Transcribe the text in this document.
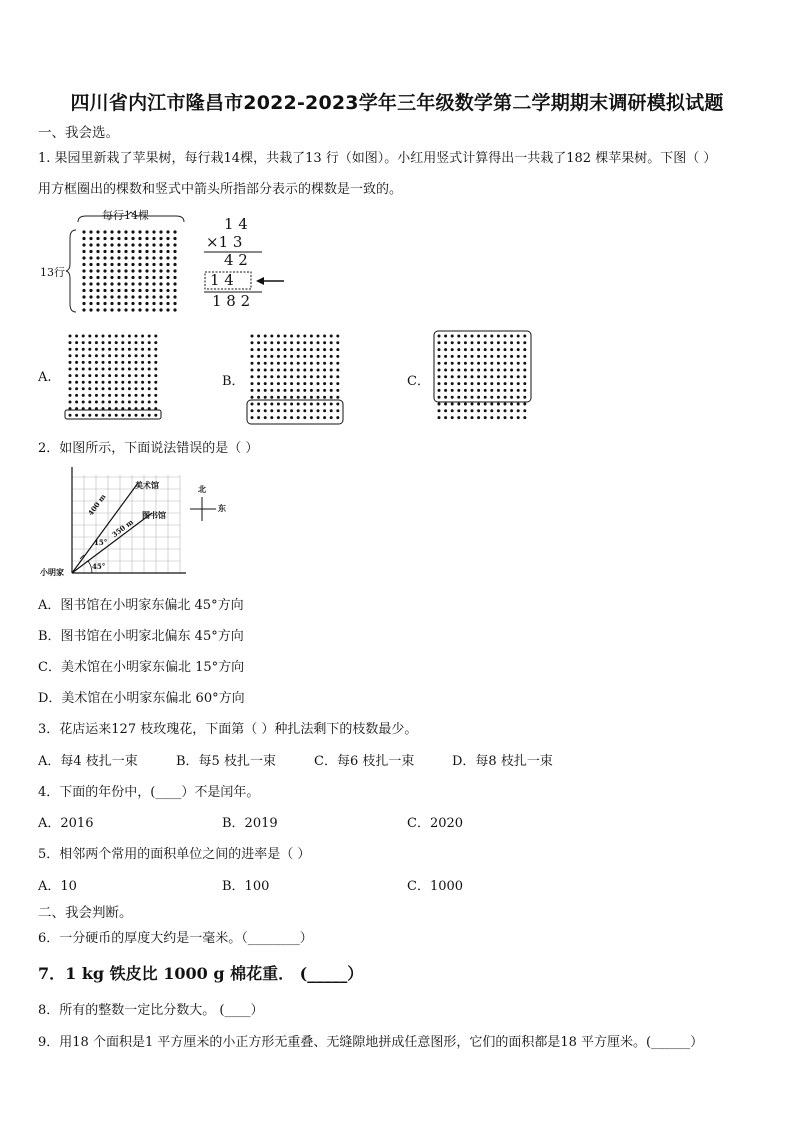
四川省内江市隆昌市2022-2023学年三年级数学第二学期期末调研模拟试题
一、我会选。
1. 果园里新栽了苹果树，每行栽14棵，共栽了13 行（如图）。小红用竖式计算得出一共栽了182 棵苹果树。下图（ ）
用方框圈出的棵数和竖式中箭头所指部分表示的棵数是一致的。
每行14棵
13行
1 4
×1 3
4 2
1 4
1 8 2
A.	B．	C．
2．如图所示，下面说法错误的是（ ）
美术馆
图书馆
小明家
400 m
350 m
15°
45°
北
东
A．图书馆在小明家东偏北 45°方向
B．图书馆在小明家北偏东 45°方向
C．美术馆在小明家东偏北 15°方向
D．美术馆在小明家东偏北 60°方向
3．花店运来127 枝玫瑰花，下面第（ ）种扎法剩下的枝数最少。
A．每4 枝扎一束	B．每5 枝扎一束	C．每6 枝扎一束	D．每8 枝扎一束
4．下面的年份中，(____）不是闰年。
A．2016	B．2019	C．2020
5．相邻两个常用的面积单位之间的进率是（ ）
A．10	B．100	C．1000
二、我会判断。
6．一分硬币的厚度大约是一毫米。（________）
7．1 kg 铁皮比 1000 g 棉花重． (_____）
8．所有的整数一定比分数大。 (____）
9．用18 个面积是1 平方厘米的小正方形无重叠、无缝隙地拼成任意图形，它们的面积都是18 平方厘米。(______）
